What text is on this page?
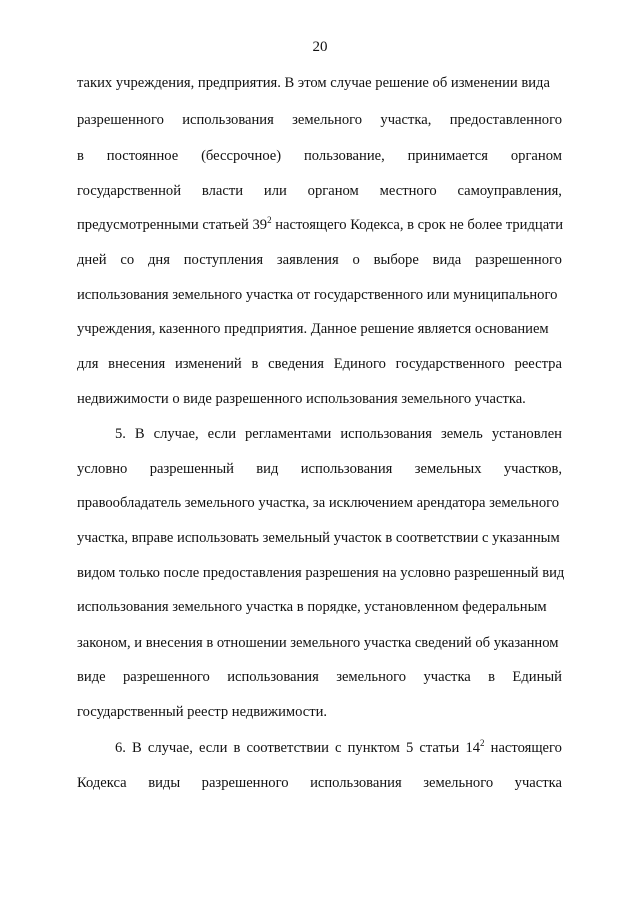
20
таких учреждения, предприятия. В этом случае решение об изменении вида
разрешенного использования земельного участка, предоставленного
в постоянное (бессрочное) пользование, принимается органом
государственной власти или органом местного самоуправления,
предусмотренными статьей $39^2$ настоящего Кодекса, в срок не более тридцати
дней со дня поступления заявления о выборе вида разрешенного
использования земельного участка от государственного или муниципального
учреждения, казенного предприятия. Данное решение является основанием
для внесения изменений в сведения Единого государственного реестра
недвижимости о виде разрешенного использования земельного участка.
5. В случае, если регламентами использования земель установлен
условно разрешенный вид использования земельных участков,
правообладатель земельного участка, за исключением арендатора земельного
участка, вправе использовать земельный участок в соответствии с указанным
видом только после предоставления разрешения на условно разрешенный вид
использования земельного участка в порядке, установленном федеральным
законом, и внесения в отношении земельного участка сведений об указанном
виде разрешенного использования земельного участка в Единый
государственный реестр недвижимости.
6. В случае, если в соответствии с пунктом 5 статьи $14^2$ настоящего
Кодекса виды разрешенного использования земельного участка
